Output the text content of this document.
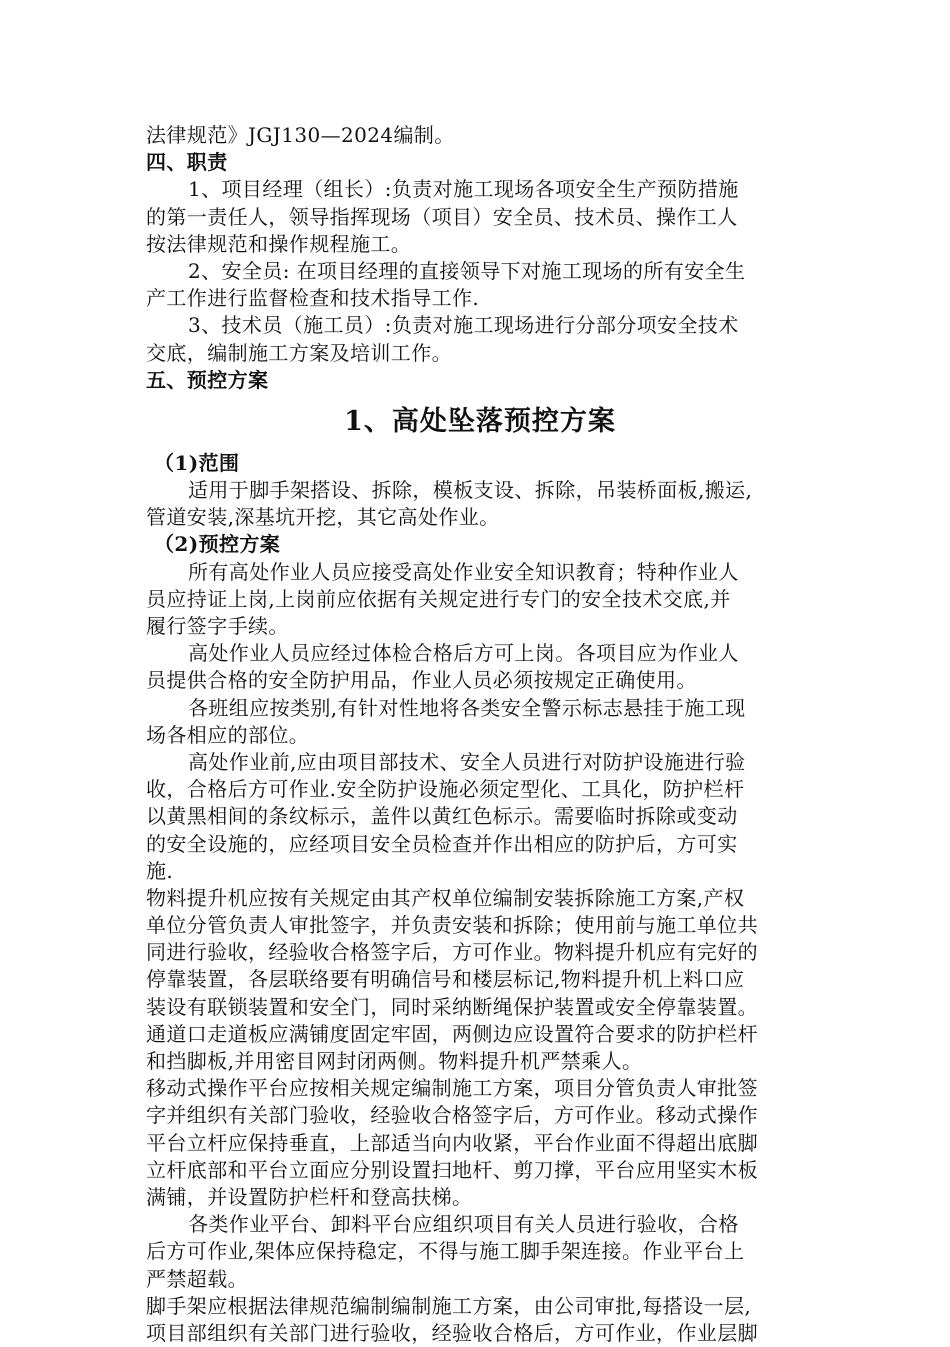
法律规范》JGJ130—2024编制。
四、职责
1、项目经理（组长）:负责对施工现场各项安全生产预防措施
的第一责任人，领导指挥现场（项目）安全员、技术员、操作工人
按法律规范和操作规程施工。
2、安全员: 在项目经理的直接领导下对施工现场的所有安全生
产工作进行监督检查和技术指导工作.
3、技术员（施工员）:负责对施工现场进行分部分项安全技术
交底，编制施工方案及培训工作。
五、预控方案
1、高处坠落预控方案
（1)范围
适用于脚手架搭设、拆除，模板支设、拆除，吊装桥面板,搬运,
管道安装,深基坑开挖，其它高处作业。
（2)预控方案
所有高处作业人员应接受高处作业安全知识教育；特种作业人
员应持证上岗,上岗前应依据有关规定进行专门的安全技术交底,并
履行签字手续。
高处作业人员应经过体检合格后方可上岗。各项目应为作业人
员提供合格的安全防护用品，作业人员必须按规定正确使用。
各班组应按类别,有针对性地将各类安全警示标志悬挂于施工现
场各相应的部位。
高处作业前,应由项目部技术、安全人员进行对防护设施进行验
收，合格后方可作业.安全防护设施必须定型化、工具化，防护栏杆
以黄黑相间的条纹标示，盖件以黄红色标示。需要临时拆除或变动
的安全设施的，应经项目安全员检查并作出相应的防护后，方可实
施.
物料提升机应按有关规定由其产权单位编制安装拆除施工方案,产权
单位分管负责人审批签字，并负责安装和拆除；使用前与施工单位共
同进行验收，经验收合格签字后，方可作业。物料提升机应有完好的
停靠装置，各层联络要有明确信号和楼层标记,物料提升机上料口应
装设有联锁装置和安全门，同时采纳断绳保护装置或安全停靠装置。
通道口走道板应满铺度固定牢固，两侧边应设置符合要求的防护栏杆
和挡脚板,并用密目网封闭两侧。物料提升机严禁乘人。
移动式操作平台应按相关规定编制施工方案，项目分管负责人审批签
字并组织有关部门验收，经验收合格签字后，方可作业。移动式操作
平台立杆应保持垂直，上部适当向内收紧，平台作业面不得超出底脚
立杆底部和平台立面应分别设置扫地杆、剪刀撑，平台应用坚实木板
满铺，并设置防护栏杆和登高扶梯。
各类作业平台、卸料平台应组织项目有关人员进行验收，合格
后方可作业,架体应保持稳定，不得与施工脚手架连接。作业平台上
严禁超载。
脚手架应根据法律规范编制编制施工方案，由公司审批,每搭设一层,
项目部组织有关部门进行验收，经验收合格后，方可作业，作业层脚
